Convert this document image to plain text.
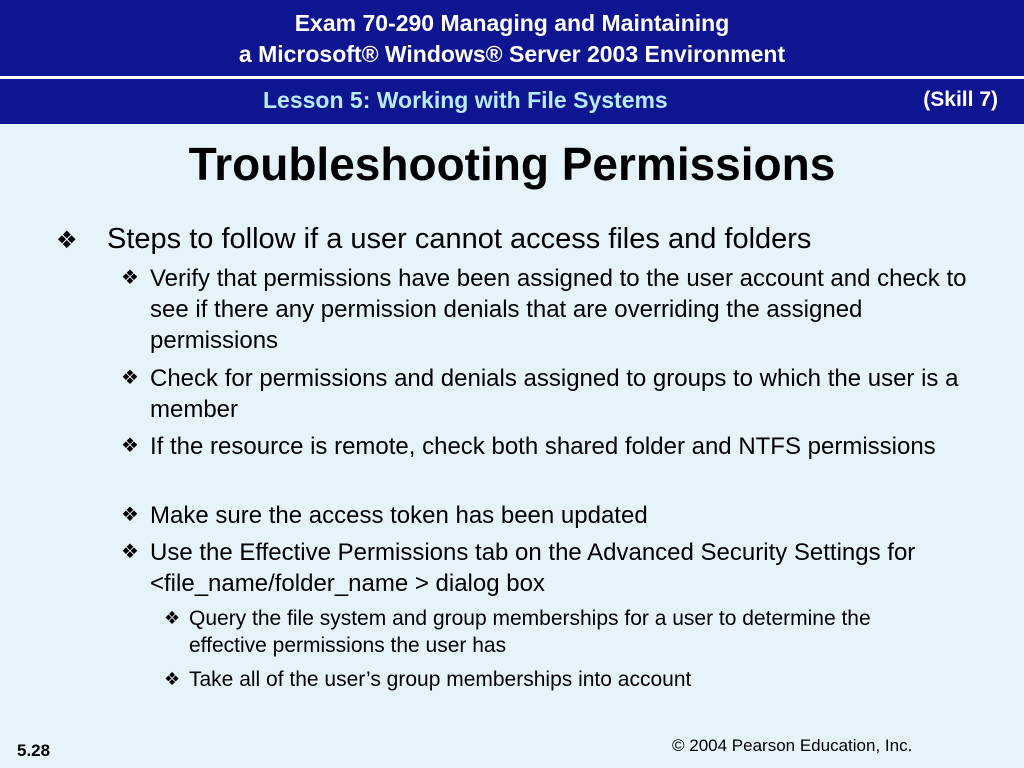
Exam 70-290 Managing and Maintaining
a Microsoft® Windows® Server 2003 Environment
Lesson 5: Working with File Systems	(Skill 7)
Troubleshooting Permissions
❖ Steps to follow if a user cannot access files and folders
❖ Verify that permissions have been assigned to the user account and check to see if there any permission denials that are overriding the assigned permissions
❖ Check for permissions and denials assigned to groups to which the user is a member
❖ If the resource is remote, check both shared folder and NTFS permissions
❖ Make sure the access token has been updated
❖ Use the Effective Permissions tab on the Advanced Security Settings for <file_name/folder_name > dialog box
❖ Query the file system and group memberships for a user to determine the effective permissions the user has
❖ Take all of the user’s group memberships into account
5.28	© 2004 Pearson Education, Inc.
